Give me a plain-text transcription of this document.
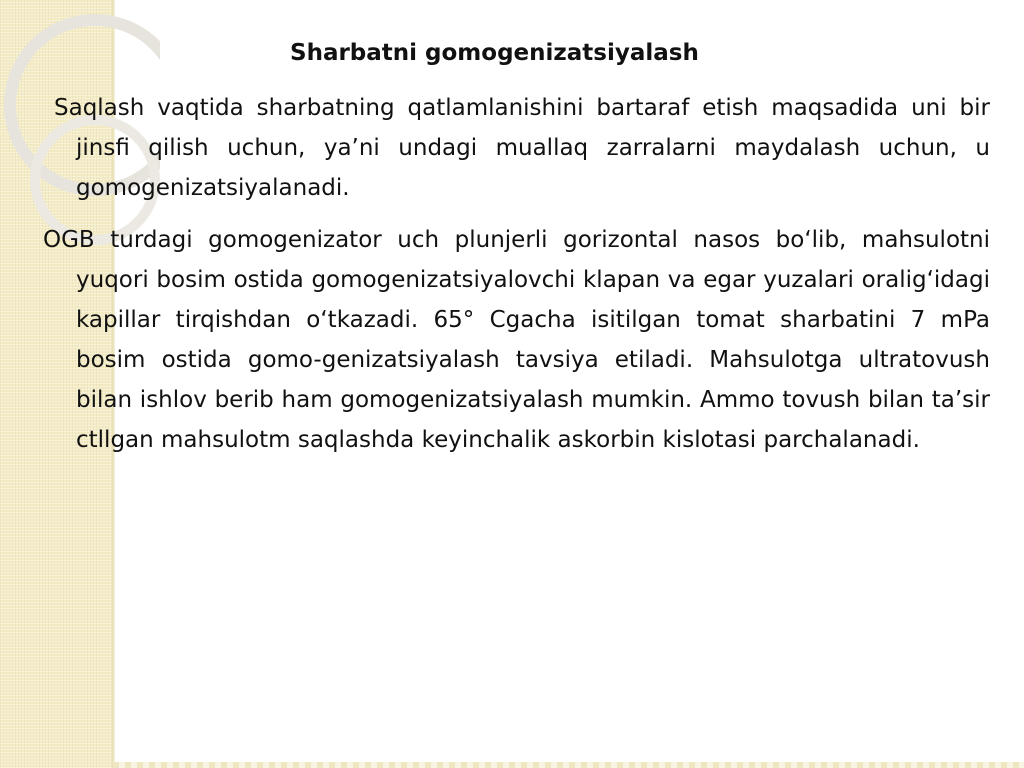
Sharbatni gomogenizatsiyalash

Saqlash vaqtida sharbatning qatlamlanishini bartaraf etish maqsadida uni bir jinsfi qilish uchun, ya’ni undagi muallaq zarralarni maydalash uchun, u gomogenizatsiyalanadi.

OGB turdagi gomogenizator uch plunjerli gorizontal nasos bo‘lib, mahsulotni yuqori bosim ostida gomogenizatsiyalovchi klapan va egar yuzalari oralig‘idagi kapillar tirqishdan o‘tkazadi. 65° Cgacha isitilgan tomat sharbatini 7 mPa bosim ostida gomo-genizatsiyalash tavsiya etiladi. Mahsulotga ultratovush bilan ishlov berib ham gomogenizatsiyalash mumkin. Ammo tovush bilan ta’sir ctllgan mahsulotm saqlashda keyinchalik askorbin kislotasi parchalanadi.
